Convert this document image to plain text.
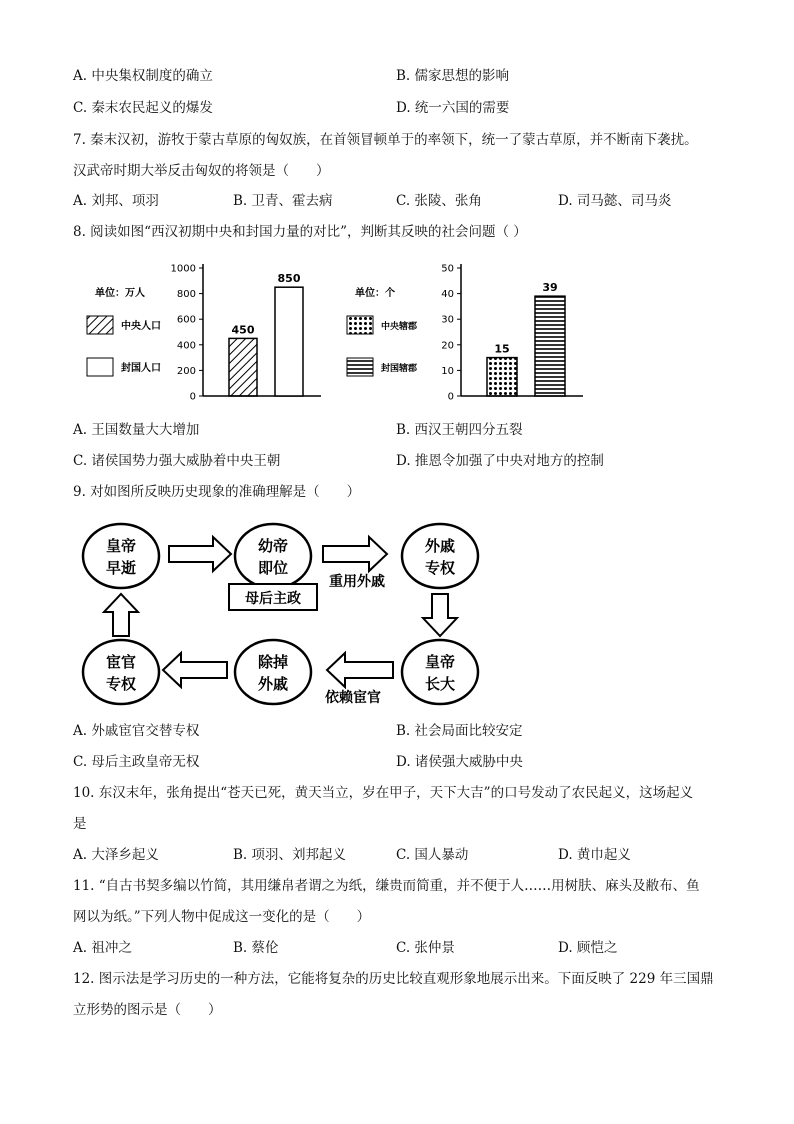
A. 中央集权制度的确立	B. 儒家思想的影响
C. 秦末农民起义的爆发	D. 统一六国的需要
7. 秦末汉初，游牧于蒙古草原的匈奴族，在首领冒顿单于的率领下，统一了蒙古草原，并不断南下袭扰。
汉武帝时期大举反击匈奴的将领是（　　）
A. 刘邦、项羽	B. 卫青、霍去病	C. 张陵、张角	D. 司马懿、司马炎
8. 阅读如图“西汉初期中央和封国力量的对比”，判断其反映的社会问题（ ）
单位：万人
中央人口
封国人口
0
200
400
600
800
1000
450
850
单位：个
中央辖郡
封国辖郡
0
10
20
30
40
50
15
39
A. 王国数量大大增加	B. 西汉王朝四分五裂
C. 诸侯国势力强大威胁着中央王朝	D. 推恩令加强了中央对地方的控制
9. 对如图所反映历史现象的准确理解是（　　）
皇帝
早逝
幼帝
即位
母后主政
外戚
专权
皇帝
长大
除掉
外戚
宦官
专权
重用外戚
依赖宦官
A. 外戚宦官交替专权	B. 社会局面比较安定
C. 母后主政皇帝无权	D. 诸侯强大威胁中央
10. 东汉末年，张角提出“苍天已死，黄天当立，岁在甲子，天下大吉”的口号发动了农民起义，这场起义
是
A. 大泽乡起义	B. 项羽、刘邦起义	C. 国人暴动	D. 黄巾起义
11. “自古书契多编以竹简，其用缣帛者谓之为纸，缣贵而简重，并不便于人……用树肤、麻头及敝布、鱼
网以为纸。”下列人物中促成这一变化的是（　　）
A. 祖冲之	B. 蔡伦	C. 张仲景	D. 顾恺之
12. 图示法是学习历史的一种方法，它能将复杂的历史比较直观形象地展示出来。下面反映了 229 年三国鼎
立形势的图示是（　　）
